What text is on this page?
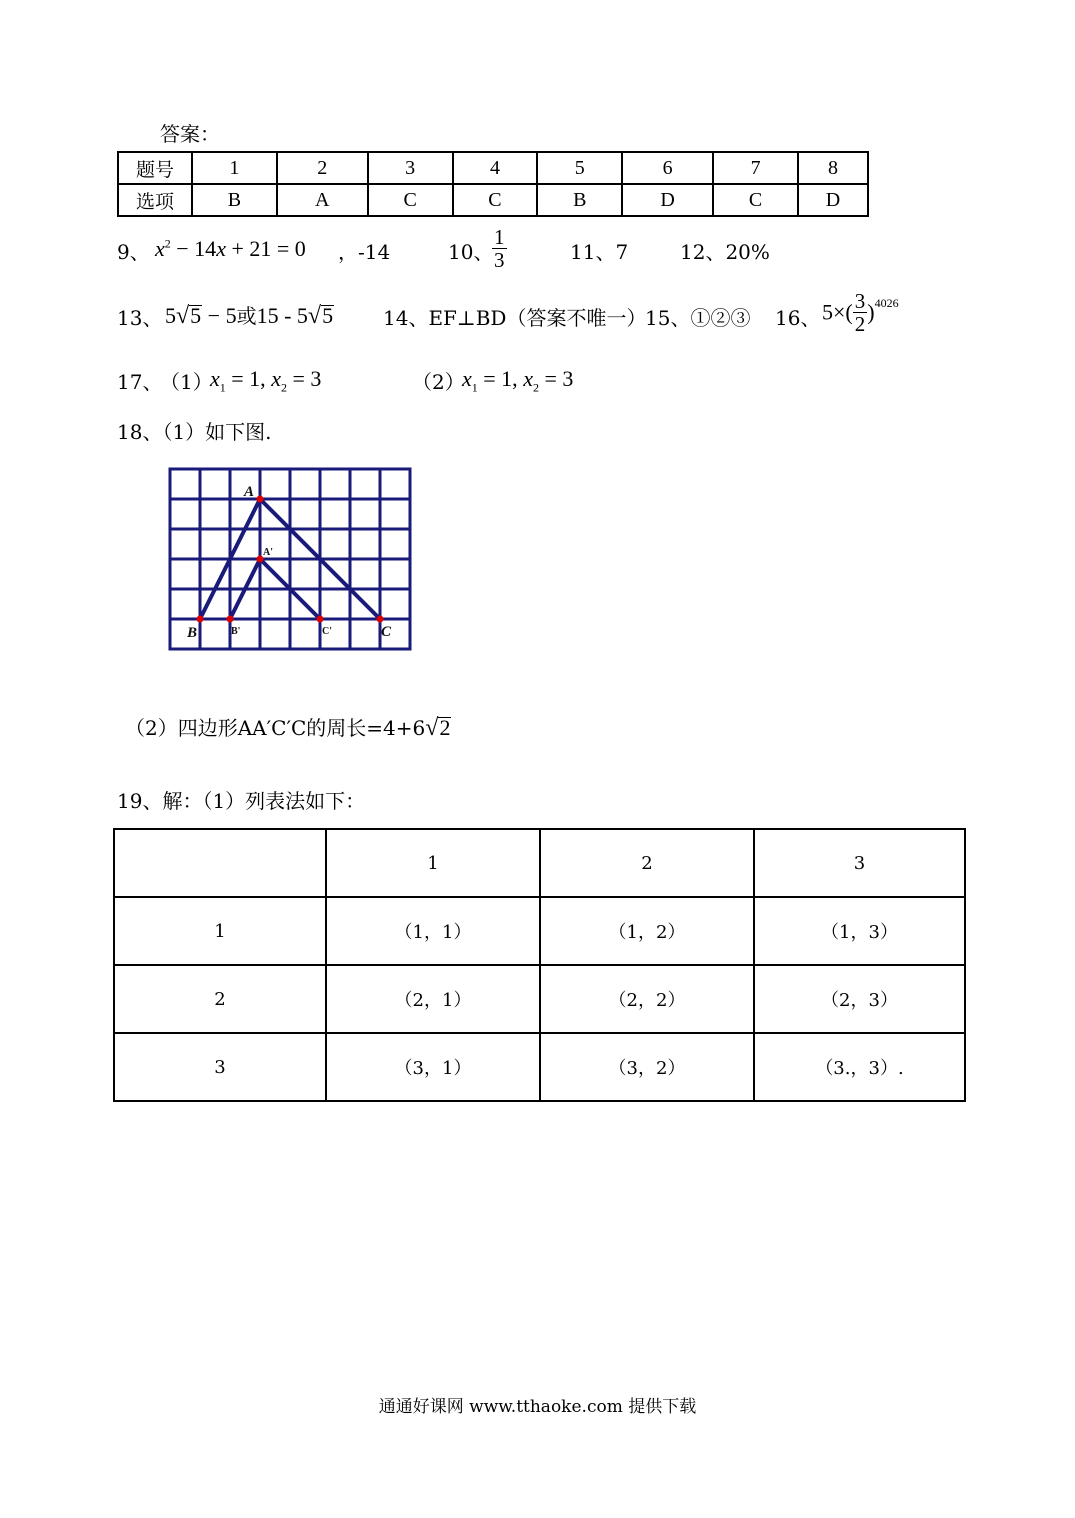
答案：
题号	1	2	3	4	5	6	7	8
选项	B	A	C	C	B	D	C	D
9、 $x^2 - 14x + 21 = 0$ ， -14	10、
$\frac{1}{3}$	11、7	12、20%
13、 5√5 − 5或15 - 5√5 14、EF⊥BD（答案不唯一）
15、①②③ 16、 $5\times( \frac{3}{2} )^{4026}$
17、
（1）
$x_1 = 1$, $x_2 = 3$	（2）
$x_1 = 1$, $x_2 = 3$
18、（1）如下图.
A
A'
B	B'	C'	C
（2）四边形AA′C′C的周长=4+6√2
19、解：（1）列表法如下：
	1	2	3
1	（1，1）	（1，2）	（1，3）
2	（2，1）	（2，2）	（2，3）
3	（3，1）	（3，2）	（3.，3）.
通通好课网 www.tthaoke.com 提供下载
